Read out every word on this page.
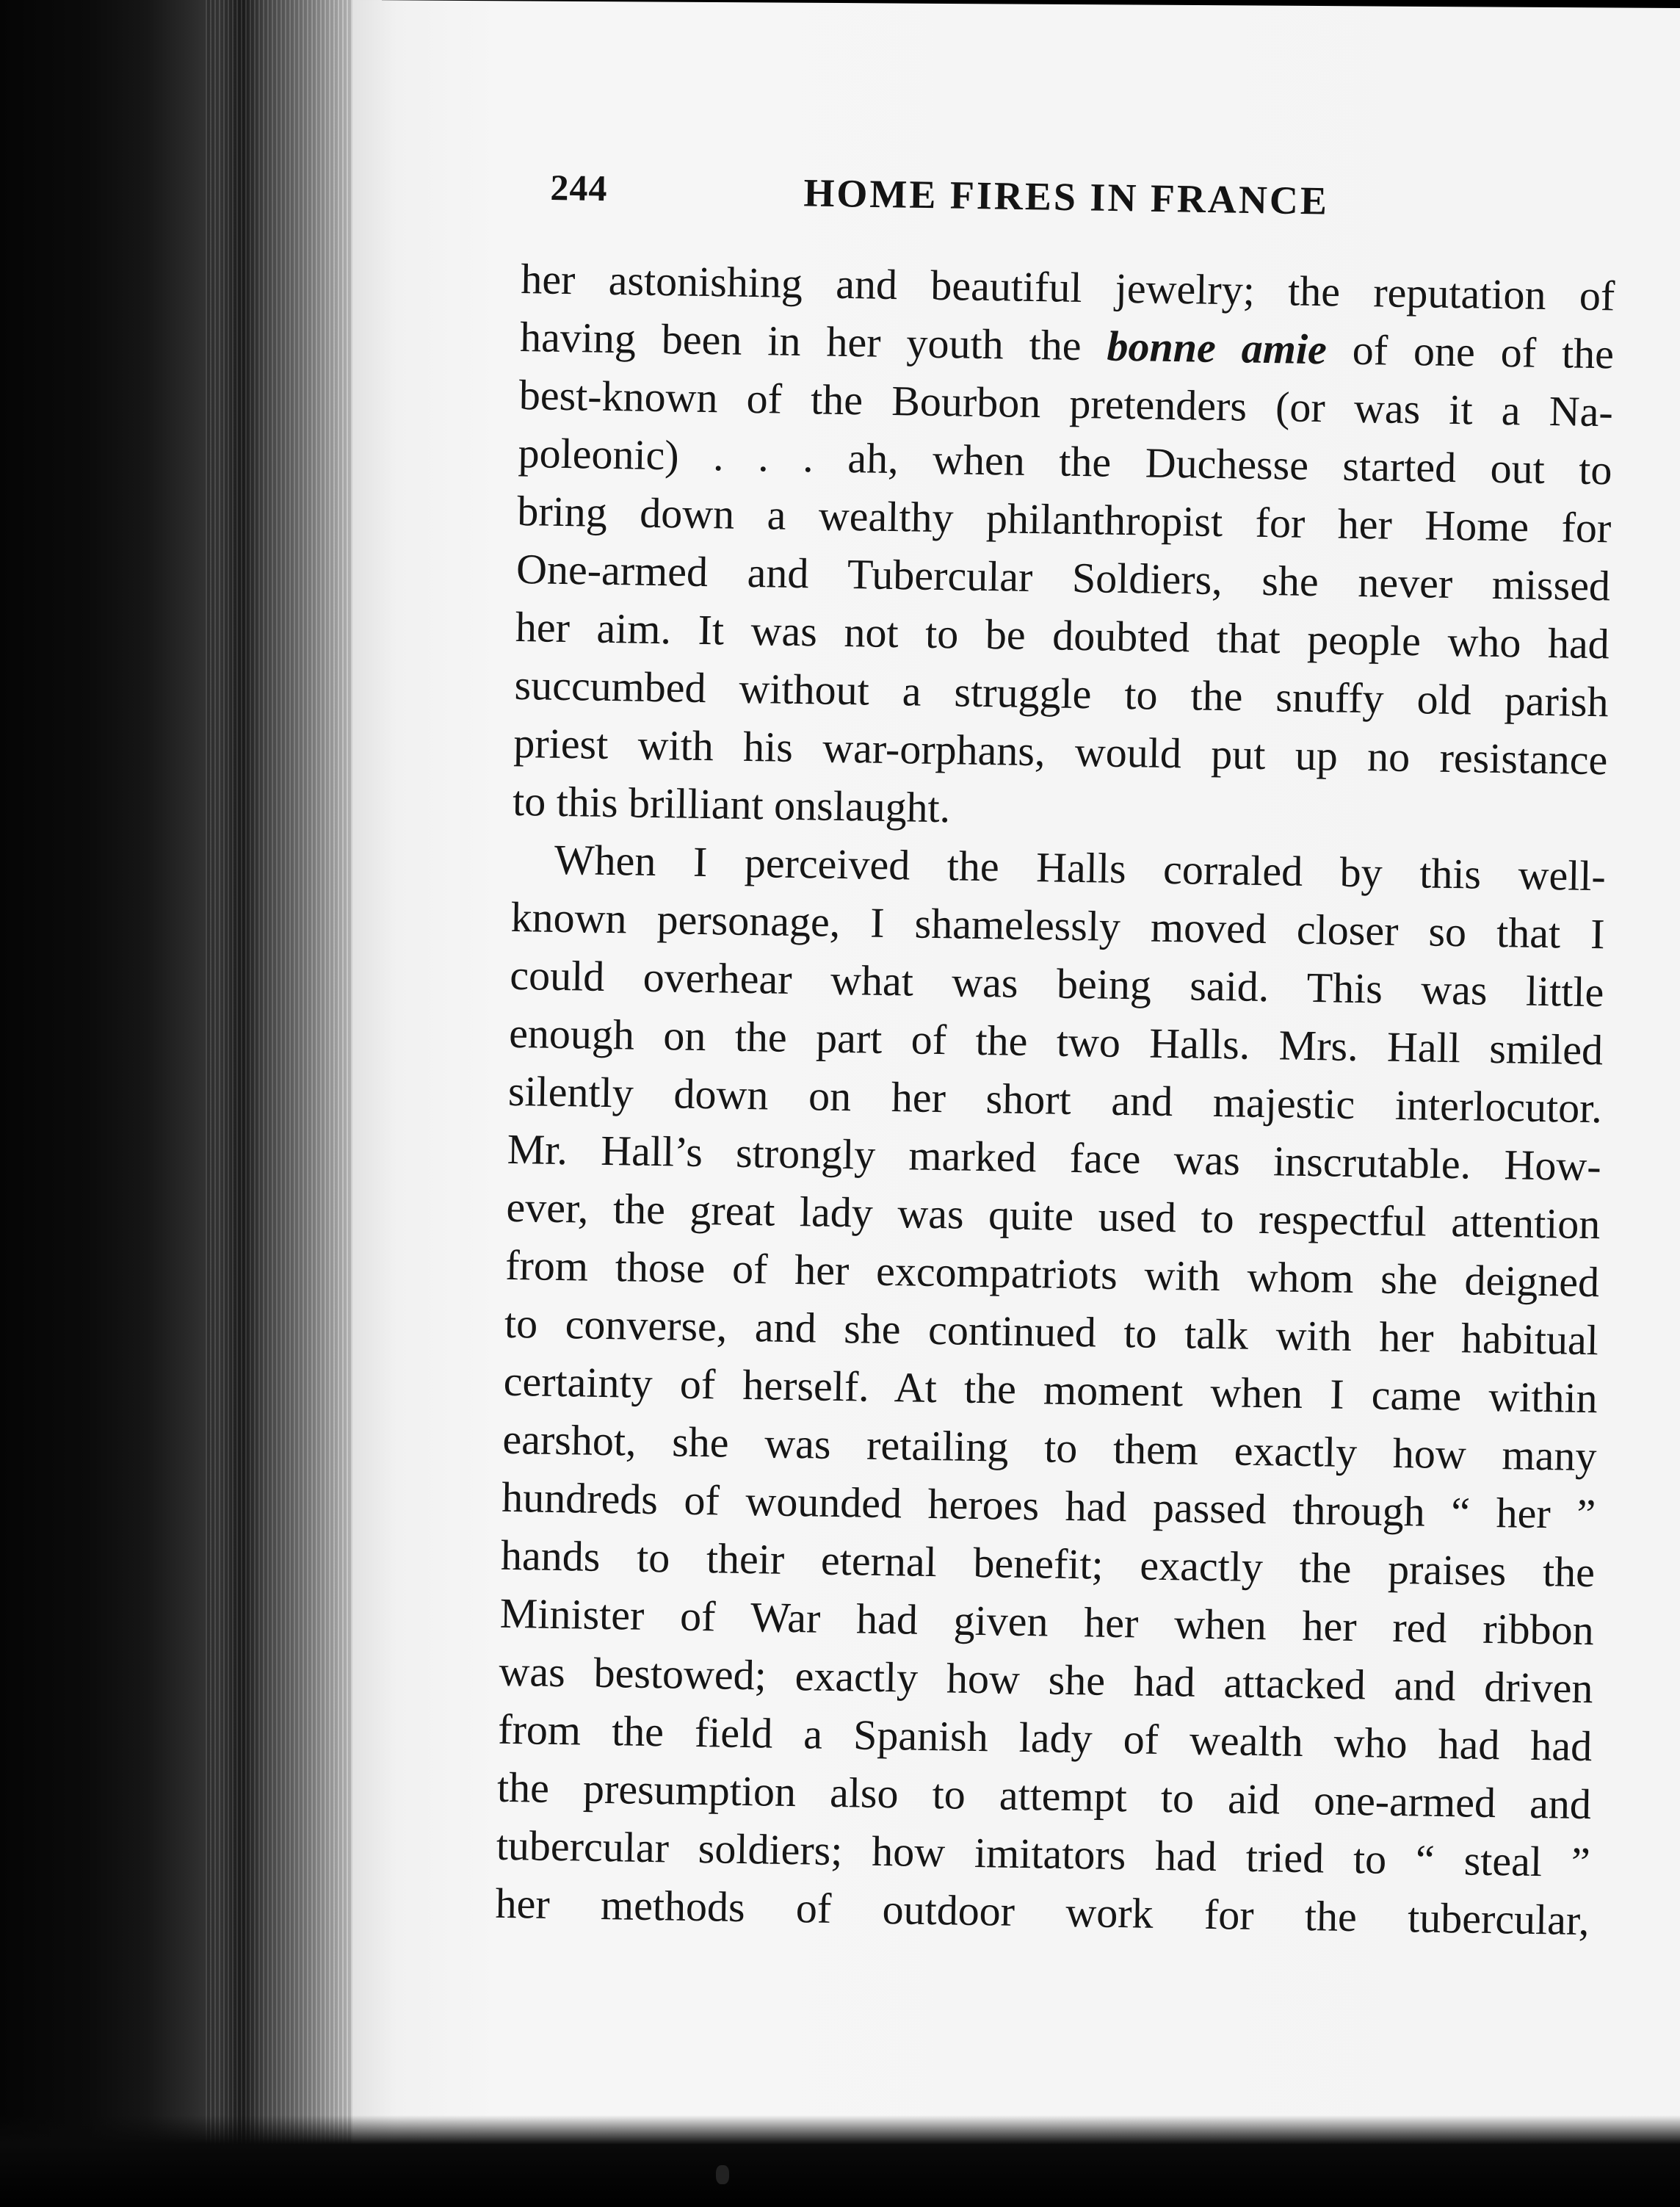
244	HOME FIRES IN FRANCE
her astonishing and beautiful jewelry; the reputation of
having been in her youth the bonne amie of one of the
best-known of the Bourbon pretenders (or was it a Na-
poleonic) . . . ah, when the Duchesse started out to
bring down a wealthy philanthropist for her Home for
One-armed and Tubercular Soldiers, she never missed
her aim. It was not to be doubted that people who had
succumbed without a struggle to the snuffy old parish
priest with his war-orphans, would put up no resistance
to this brilliant onslaught.
When I perceived the Halls corraled by this well-
known personage, I shamelessly moved closer so that I
could overhear what was being said. This was little
enough on the part of the two Halls. Mrs. Hall smiled
silently down on her short and majestic interlocutor.
Mr. Hall’s strongly marked face was inscrutable. How-
ever, the great lady was quite used to respectful attention
from those of her excompatriots with whom she deigned
to converse, and she continued to talk with her habitual
certainty of herself. At the moment when I came within
earshot, she was retailing to them exactly how many
hundreds of wounded heroes had passed through “ her ”
hands to their eternal benefit; exactly the praises the
Minister of War had given her when her red ribbon
was bestowed; exactly how she had attacked and driven
from the field a Spanish lady of wealth who had had
the presumption also to attempt to aid one-armed and
tubercular soldiers; how imitators had tried to “ steal ”
her methods of outdoor work for the tubercular,
